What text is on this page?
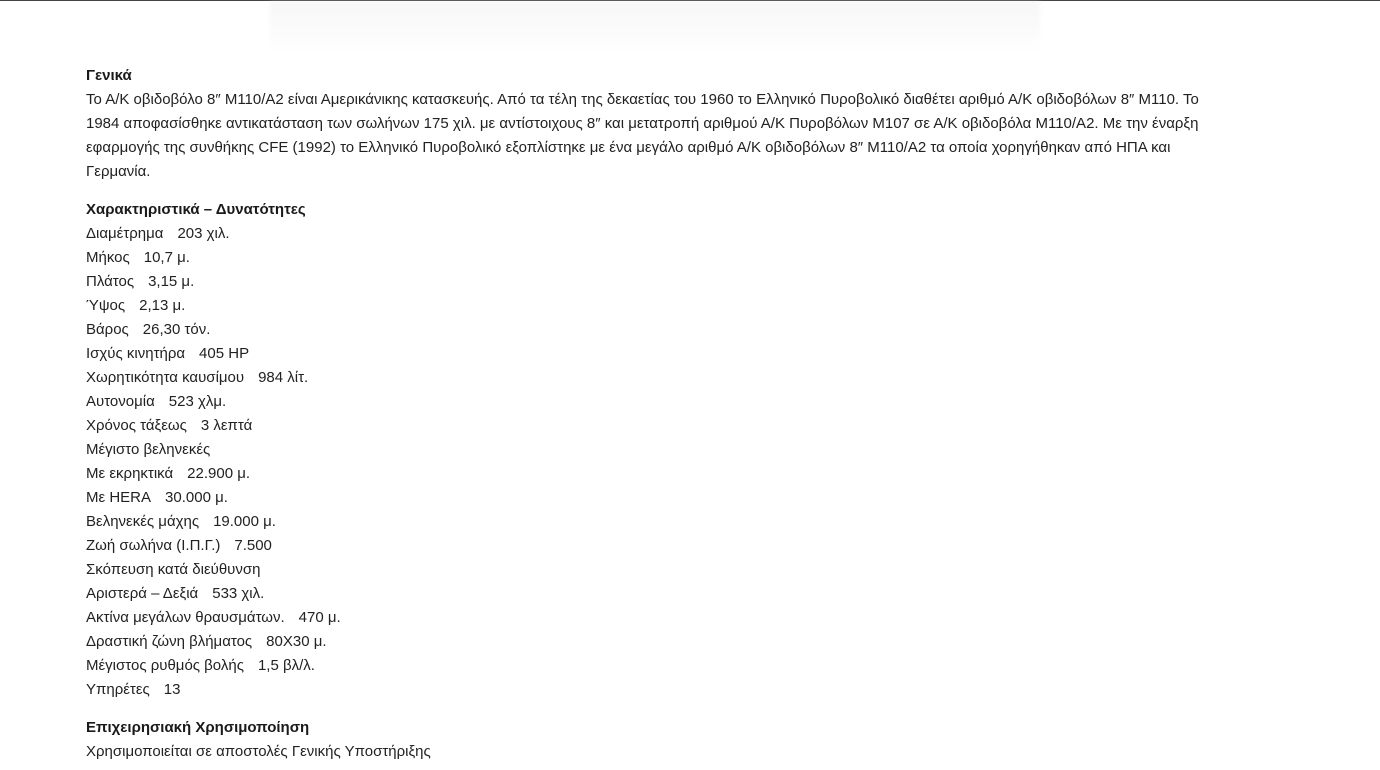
Γενικά

Το Α/Κ οβιδοβόλο 8″ M110/A2 είναι Αμερικάνικης κατασκευής. Από τα τέλη της δεκαετίας του 1960 το Ελληνικό Πυροβολικό διαθέτει αριθμό Α/Κ οβιδοβόλων 8″ Μ110. Το 1984 αποφασίσθηκε αντικατάσταση των σωλήνων 175 χιλ. με αντίστοιχους 8″ και μετατροπή αριθμού Α/Κ Πυροβόλων Μ107 σε Α/Κ οβιδοβόλα Μ110/Α2. Με την έναρξη εφαρμογής της συνθήκης CFE (1992) το Ελληνικό Πυροβολικό εξοπλίστηκε με ένα μεγάλο αριθμό Α/Κ οβιδοβόλων 8″ Μ110/Α2 τα οποία χορηγήθηκαν από ΗΠΑ και Γερμανία.

Χαρακτηριστικά – Δυνατότητες
Διαμέτρημα 203 χιλ.
Μήκος 10,7 μ.
Πλάτος 3,15 μ.
Ύψος 2,13 μ.
Βάρος 26,30 τόν.
Ισχύς κινητήρα 405 HP
Χωρητικότητα καυσίμου 984 λίτ.
Αυτονομία 523 χλμ.
Χρόνος τάξεως 3 λεπτά
Μέγιστο βεληνεκές
Με εκρηκτικά 22.900 μ.
Με HERA 30.000 μ.
Βεληνεκές μάχης 19.000 μ.
Ζωή σωλήνα (Ι.Π.Γ.) 7.500
Σκόπευση κατά διεύθυνση
Αριστερά – Δεξιά 533 χιλ.
Ακτίνα μεγάλων θραυσμάτων. 470 μ.
Δραστική ζώνη βλήματος 80Χ30 μ.
Μέγιστος ρυθμός βολής 1,5 βλ/λ.
Υπηρέτες 13
Επιχειρησιακή Χρησιμοποίηση

Χρησιμοποιείται σε αποστολές Γενικής Υποστήριξης
